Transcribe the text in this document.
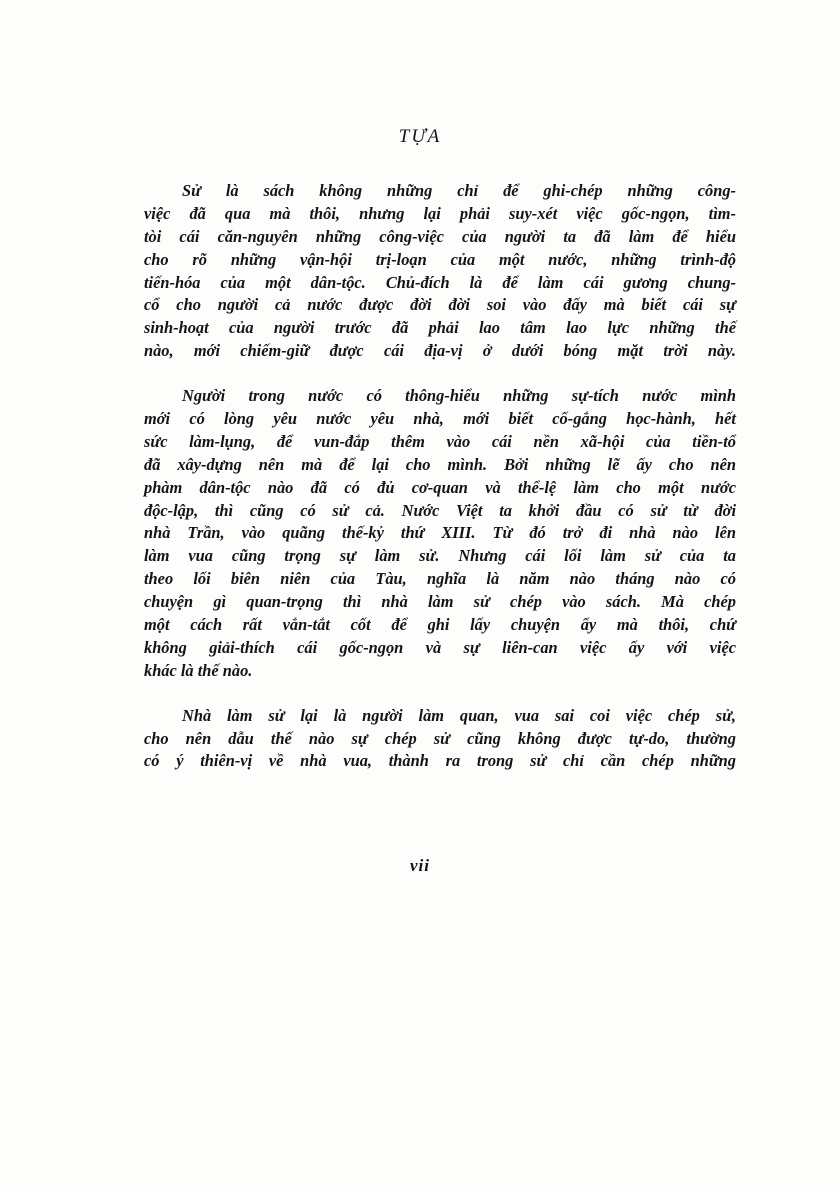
TỰA

Sử là sách không những chỉ để ghi-chép những công-
việc đã qua mà thôi, nhưng lại phải suy-xét việc gốc-ngọn, tìm-
tòi cái căn-nguyên những công-việc của người ta đã làm để hiểu
cho rõ những vận-hội trị-loạn của một nước, những trình-độ
tiến-hóa của một dân-tộc. Chủ-đích là để làm cái gương chung-
cổ cho người cả nước được đời đời soi vào đấy mà biết cái sự
sinh-hoạt của người trước đã phải lao tâm lao lực những thế
nào, mới chiếm-giữ được cái địa-vị ở dưới bóng mặt trời này.

Người trong nước có thông-hiểu những sự-tích nước mình
mới có lòng yêu nước yêu nhà, mới biết cố-gắng học-hành, hết
sức làm-lụng, để vun-đắp thêm vào cái nền xã-hội của tiền-tổ
đã xây-dựng nên mà để lại cho mình. Bởi những lẽ ấy cho nên
phàm dân-tộc nào đã có đủ cơ-quan và thể-lệ làm cho một nước
độc-lập, thì cũng có sử cả. Nước Việt ta khởi đầu có sử từ đời
nhà Trần, vào quãng thế-kỷ thứ XIII. Từ đó trở đi nhà nào lên
làm vua cũng trọng sự làm sử. Nhưng cái lối làm sử của ta
theo lối biên niên của Tàu, nghĩa là năm nào tháng nào có
chuyện gì quan-trọng thì nhà làm sử chép vào sách. Mà chép
một cách rất vắn-tắt cốt để ghi lấy chuyện ấy mà thôi, chứ
không giải-thích cái gốc-ngọn và sự liên-can việc ấy với việc
khác là thế nào.

Nhà làm sử lại là người làm quan, vua sai coi việc chép sử,
cho nên dẫu thế nào sự chép sử cũng không được tự-do, thường
có ý thiên-vị về nhà vua, thành ra trong sử chỉ cần chép những

vii
